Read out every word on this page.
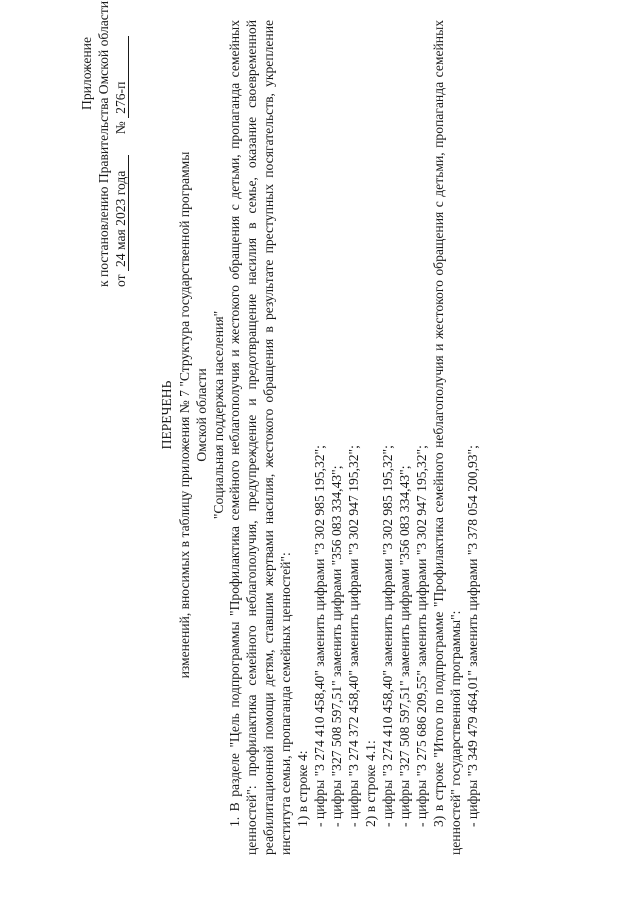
Приложение к постановлению Правительства Омской области от 24 мая 2023 года  № 276-п
ПЕРЕЧЕНЬ изменений, вносимых в таблицу приложения № 7 "Структура государственной программы Омской области "Социальная поддержка населения" 1. В разделе "Цель подпрограммы "Профилактика семейного неблагополучия и жестокого обращения с детьми, пропаганда семейных ценностей": профилактика семейного неблагополучия, предупреждение и предотвращение насилия в семье, оказание своевременной реабилитационной помощи детям, ставшим жертвами насилия, жестокого обращения в результате преступных посягательств, укрепление института семьи, пропаганда семейных ценностей": 1) в строке 4: - цифры "3 274 410 458,40" заменить цифрами "3 302 985 195,32"; - цифры "327 508 597,51" заменить цифрами "356 083 334,43"; - цифры "3 274 372 458,40" заменить цифрами "3 302 947 195,32"; 2) в строке 4.1: - цифры "3 274 410 458,40" заменить цифрами "3 302 985 195,32"; - цифры "327 508 597,51" заменить цифрами "356 083 334,43"; - цифры "3 275 686 209,55" заменить цифрами "3 302 947 195,32"; 3) в строке "Итого по подпрограмме "Профилактика семейного неблагополучия и жестокого обращения с детьми, пропаганда семейных ценностей" государственной программы": - цифры "3 349 479 464,01" заменить цифрами "3 378 054 200,93";
